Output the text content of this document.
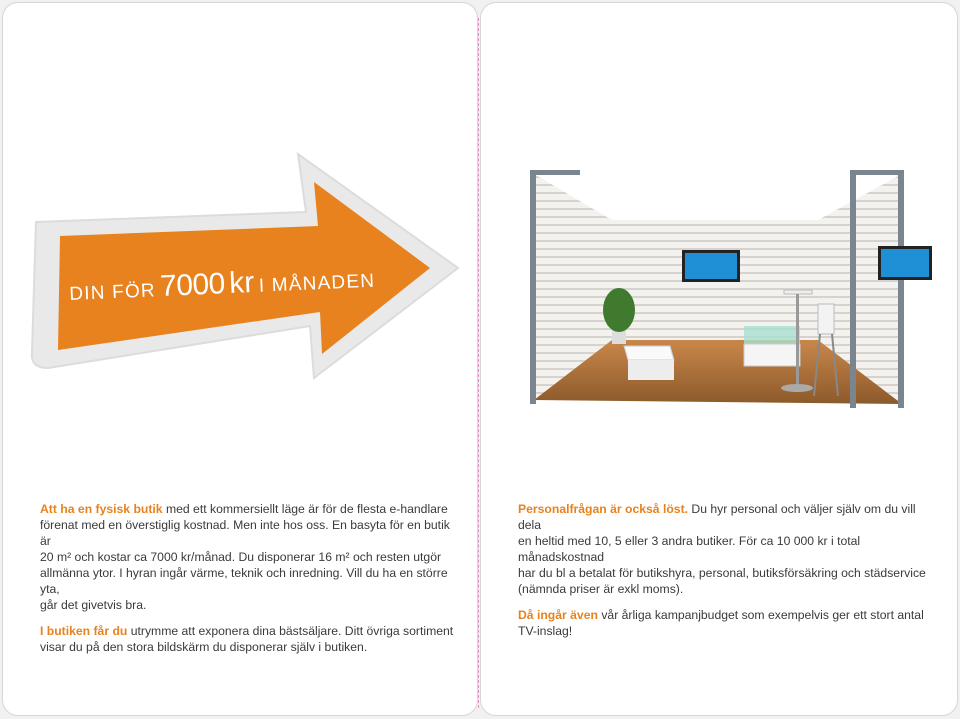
DIN FÖR 7000 kr I MÅNADEN

Att ha en fysisk butik med ett kommersiellt läge är för de flesta e-handlare
förenat med en överstiglig kostnad. Men inte hos oss. En basyta för en butik är
20 m² och kostar ca 7000 kr/månad. Du disponerar 16 m² och resten utgör
allmänna ytor. I hyran ingår värme, teknik och inredning. Vill du ha en större yta,
går det givetvis bra.

I butiken får du utrymme att exponera dina bästsäljare. Ditt övriga sortiment
visar du på den stora bildskärm du disponerar själv i butiken.

Personalfrågan är också löst. Du hyr personal och väljer själv om du vill dela
en heltid med 10, 5 eller 3 andra butiker. För ca 10 000 kr i total månadskostnad
har du bl a betalat för butikshyra, personal, butiksförsäkring och städservice
(nämnda priser är exkl moms).

Då ingår även vår årliga kampanjbudget som exempelvis ger ett stort antal
TV-inslag!
